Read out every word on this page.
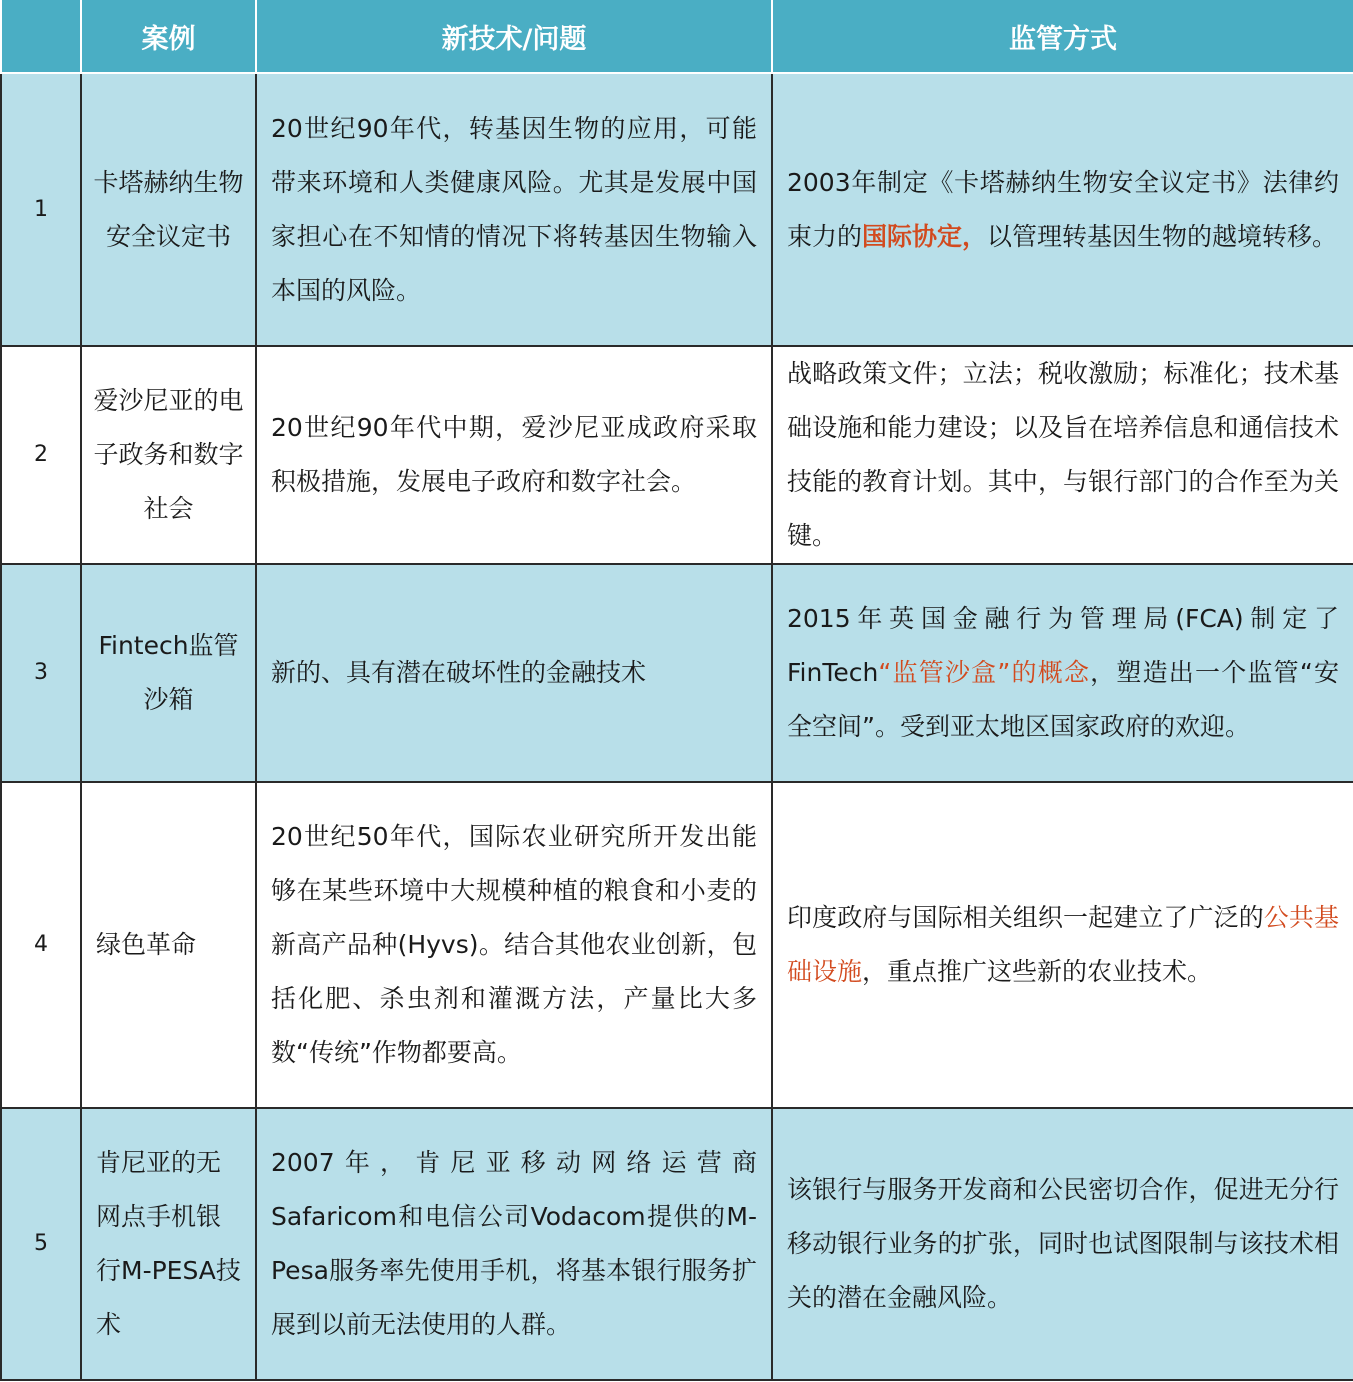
	案例	新技术/问题	监管方式
1	卡塔赫纳生物安全议定书	20世纪90年代，转基因生物的应用，可能带来环境和人类健康风险。尤其是发展中国家担心在不知情的情况下将转基因生物输入本国的风险。	2003年制定《卡塔赫纳生物安全议定书》法律约束力的国际协定，以管理转基因生物的越境转移。
2	爱沙尼亚的电子政务和数字社会	20世纪90年代中期，爱沙尼亚成政府采取积极措施，发展电子政府和数字社会。	战略政策文件；立法；税收激励；标准化；技术基础设施和能力建设；以及旨在培养信息和通信技术技能的教育计划。其中，与银行部门的合作至为关键。
3	Fintech监管沙箱	新的、具有潜在破坏性的金融技术	2015年英国金融行为管理局(FCA)制定了FinTech“监管沙盒”的概念，塑造出一个监管“安全空间”。受到亚太地区国家政府的欢迎。
4	绿色革命	20世纪50年代，国际农业研究所开发出能够在某些环境中大规模种植的粮食和小麦的新高产品种(Hyvs)。结合其他农业创新，包括化肥、杀虫剂和灌溉方法，产量比大多数“传统”作物都要高。	印度政府与国际相关组织一起建立了广泛的公共基础设施，重点推广这些新的农业技术。
5	肯尼亚的无网点手机银行M-PESA技术	2007年，肯尼亚移动网络运营商Safaricom和电信公司Vodacom提供的M-Pesa服务率先使用手机，将基本银行服务扩展到以前无法使用的人群。	该银行与服务开发商和公民密切合作，促进无分行移动银行业务的扩张，同时也试图限制与该技术相关的潜在金融风险。
